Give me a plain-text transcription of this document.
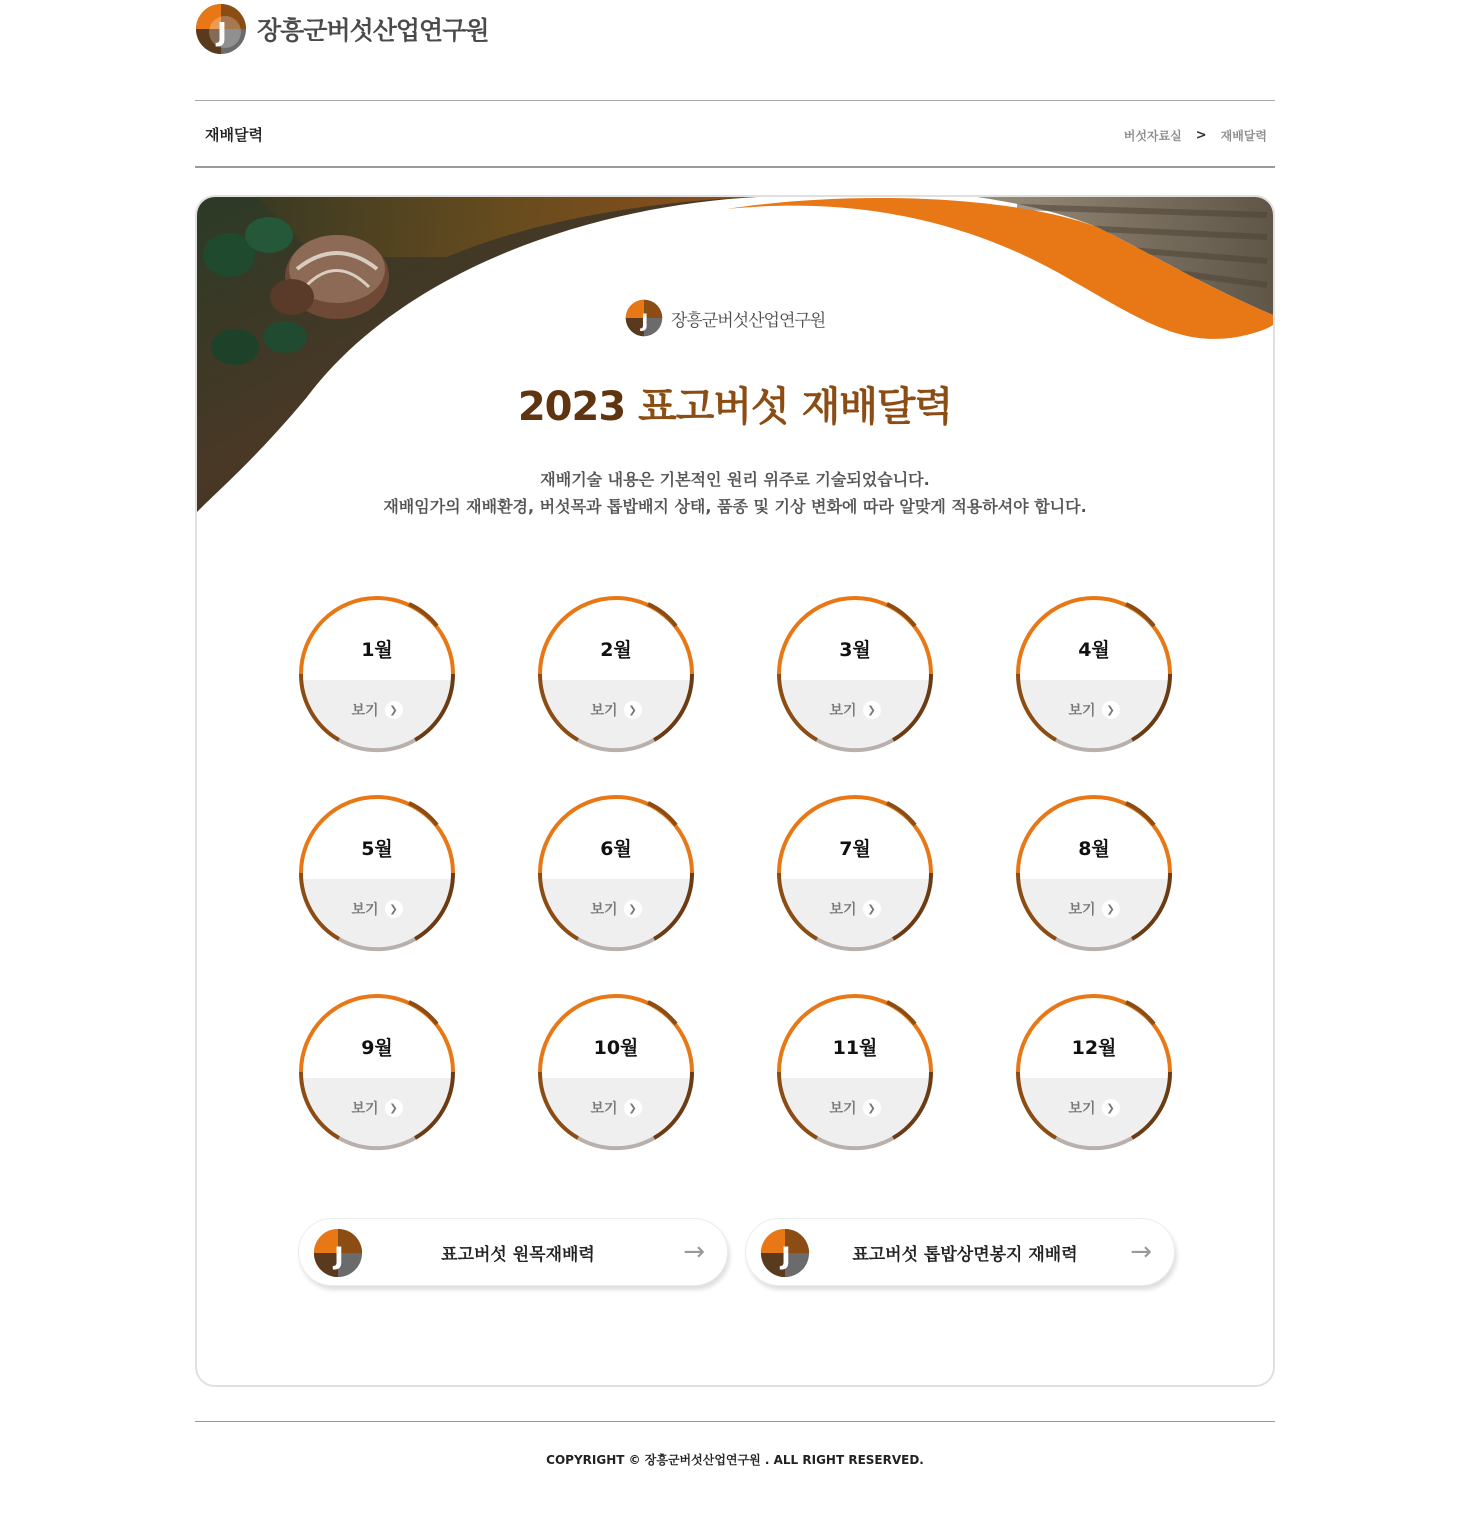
J 장흥군버섯산업연구원
재배달력	버섯자료실 > 재배달력
J 장흥군버섯산업연구원
2023 표고버섯 재배달력
재배기술 내용은 기본적인 원리 위주로 기술되었습니다.
재배임가의 재배환경, 버섯목과 톱밥배지 상태, 품종 및 기상 변화에 따라 알맞게 적용하셔야 합니다.
1월
보기	❯
2월
보기	❯
3월
보기	❯
4월
보기	❯
5월
보기	❯
6월
보기	❯
7월
보기	❯
8월
보기	❯
9월
보기	❯
10월
보기	❯
11월
보기	❯
12월
보기	❯
J	표고버섯 원목재배력	→	J	표고버섯 톱밥상면봉지 재배력	→
COPYRIGHT © 장흥군버섯산업연구원 . ALL RIGHT RESERVED.
